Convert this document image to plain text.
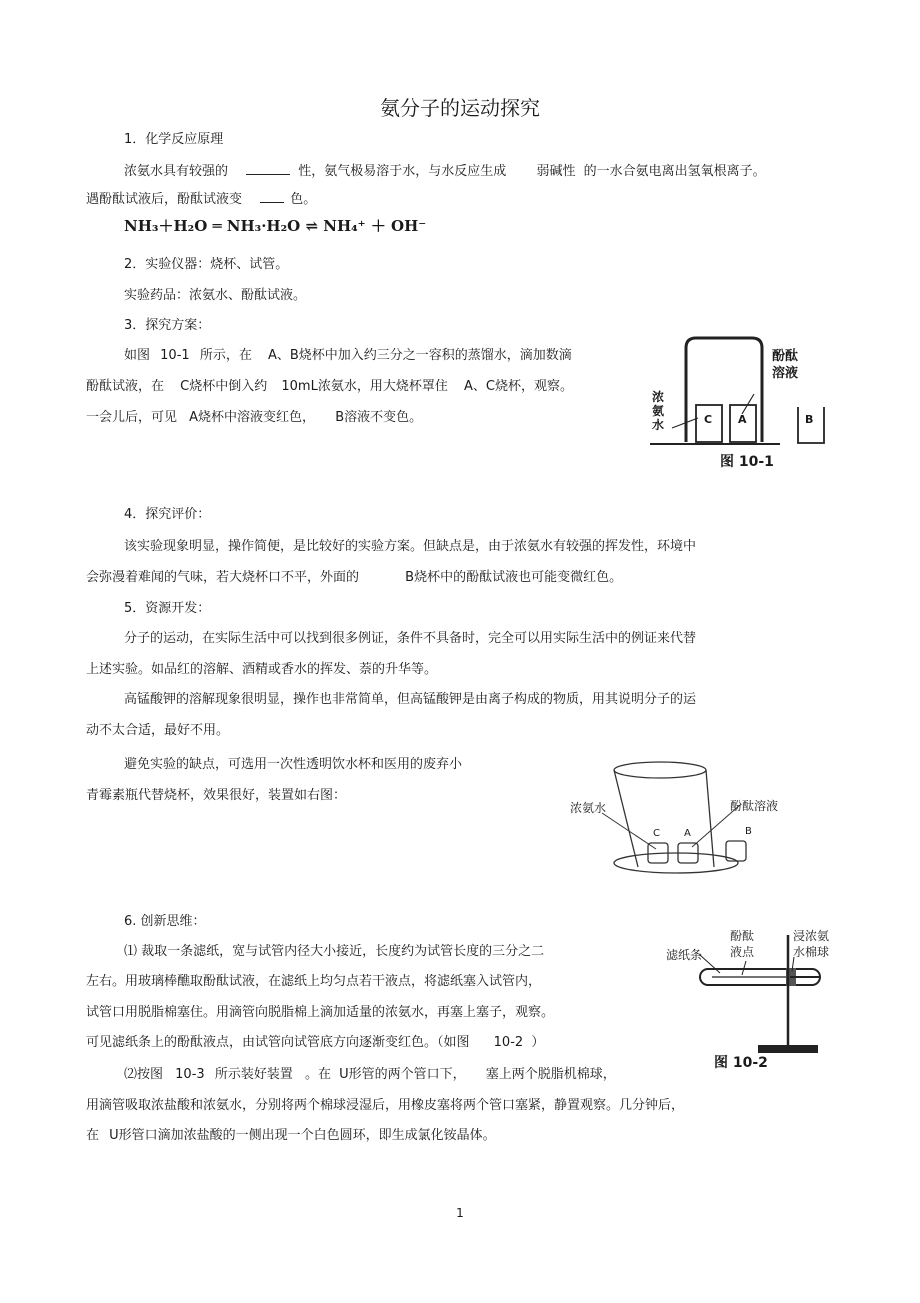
氨分子的运动探究
1．化学反应原理
浓氨水具有较强的	性，氨气极易溶于水，与水反应生成 弱碱性 的一水合氨电离出氢氧根离子。
遇酚酞试液后，酚酞试液变	色。
NH₃＋H₂O ═ NH₃·H₂O ⇌ NH₄⁺ ＋ OH⁻
2．实验仪器：烧杯、试管。
实验药品：浓氨水、酚酞试液。
3．探究方案：
如图 10-1 所示，在 A、B烧杯中加入约三分之一容积的蒸馏水，滴加数滴
酚酞试液，在 C烧杯中倒入约 10mL浓氨水，用大烧杯罩住 A、C烧杯，观察。
一会儿后，可见 A烧杯中溶液变红色， B溶液不变色。
浓
氨
水
酚酞
溶液
C A	B
图 10-1
4．探究评价：
该实验现象明显，操作简便，是比较好的实验方案。但缺点是，由于浓氨水有较强的挥发性，环境中
会弥漫着难闻的气味，若大烧杯口不平，外面的	B烧杯中的酚酞试液也可能变微红色。
5．资源开发：
分子的运动，在实际生活中可以找到很多例证，条件不具备时，完全可以用实际生活中的例证来代替
上述实验。如品红的溶解、酒精或香水的挥发、萘的升华等。
高锰酸钾的溶解现象很明显，操作也非常简单，但高锰酸钾是由离子构成的物质，用其说明分子的运
动不太合适，最好不用。
避免实验的缺点，可选用一次性透明饮水杯和医用的废弃小
青霉素瓶代替烧杯，效果很好，装置如右图：
浓氨水	酚酞溶液
C A	B
6. 创新思维：
⑴ 裁取一条滤纸，宽与试管内径大小接近，长度约为试管长度的三分之二
左右。用玻璃棒醮取酚酞试液，在滤纸上均匀点若干液点，将滤纸塞入试管内，
试管口用脱脂棉塞住。用滴管向脱脂棉上滴加适量的浓氨水，再塞上塞子，观察。
可见滤纸条上的酚酞液点，由试管向试管底方向逐渐变红色。（如图 10-2 ）
⑵按图 10-3 所示装好装置 。在 U形管的两个管口下， 塞上两个脱脂机棉球，
用滴管吸取浓盐酸和浓氨水，分别将两个棉球浸湿后，用橡皮塞将两个管口塞紧，静置观察。几分钟后，
在 U形管口滴加浓盐酸的一侧出现一个白色圆环，即生成氯化铵晶体。
滤纸条
酚酞
液点
浸浓氨
水棉球
图 10-2
1
